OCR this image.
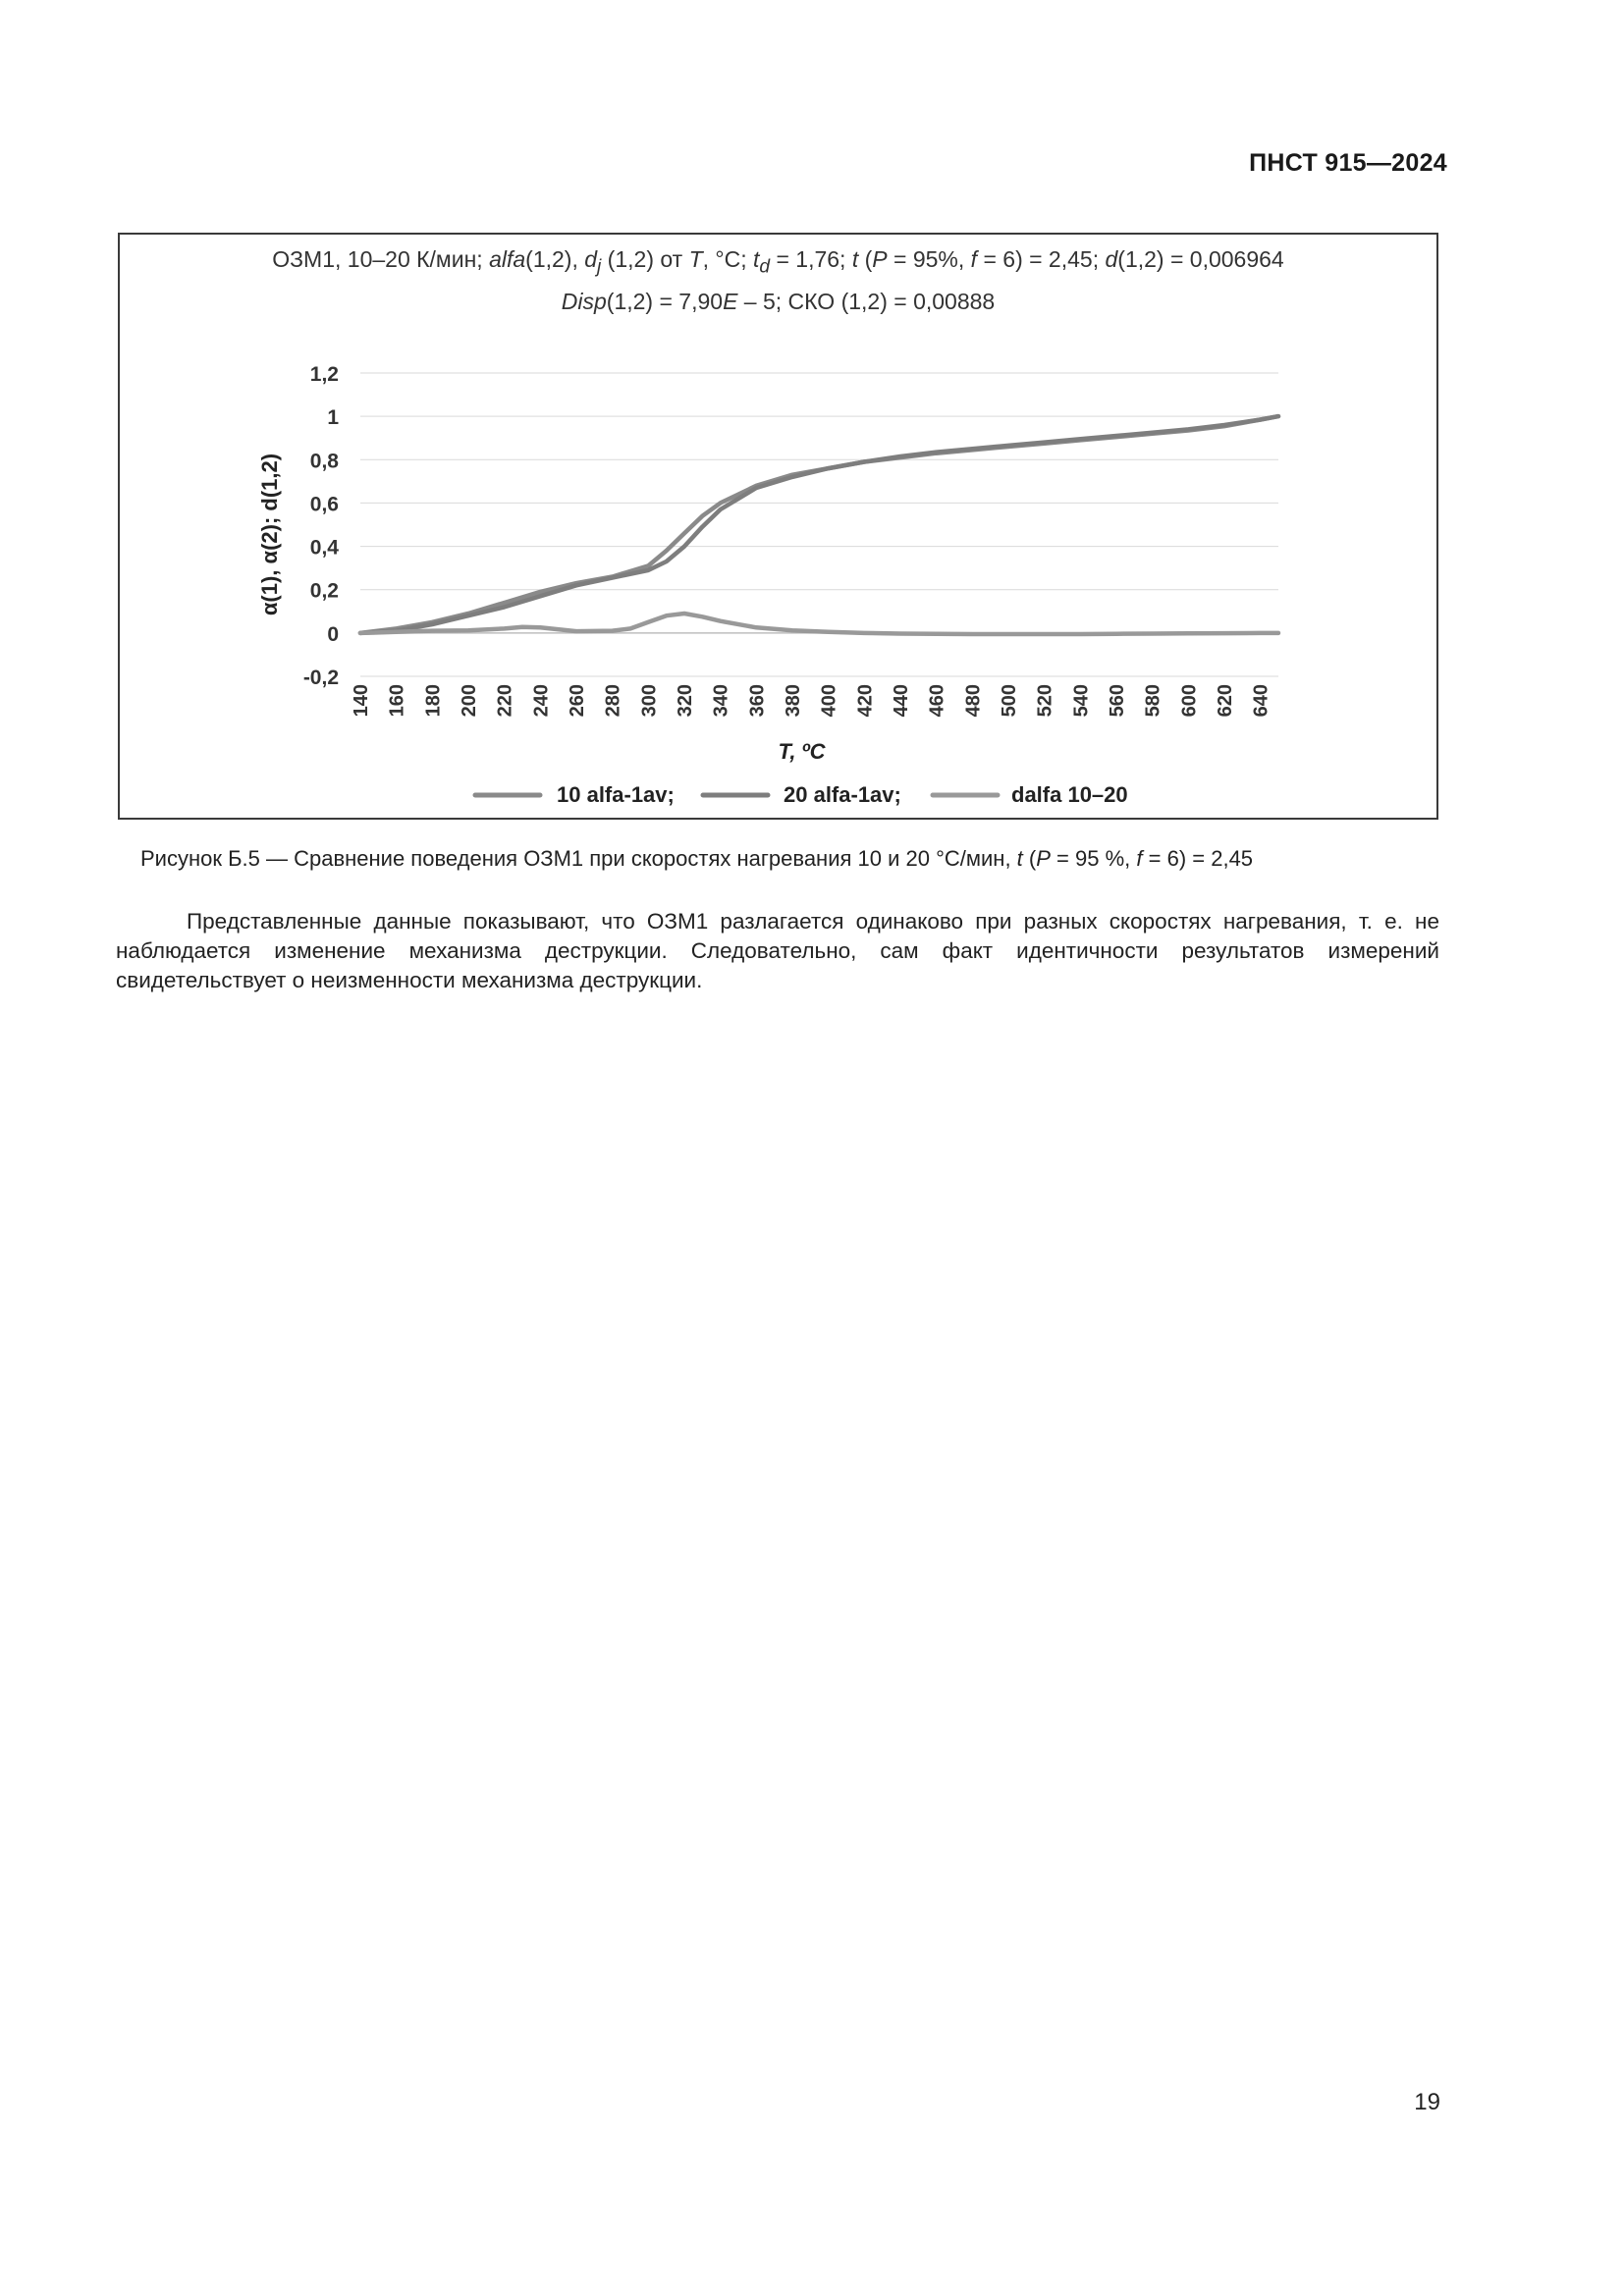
ПНСТ 915—2024
ОЗМ1, 10–20 К/мин; alfa(1,2), $d_j$ (1,2) от T, °С; $t_d = 1,76$; t (P = 95%, f = 6) = 2,45; d(1,2) = 0,006964
Disp(1,2) = 7,90E – 5; СКО (1,2) = 0,00888
-0,2
0
0,2
0,4
0,6
0,8
1
1,2
140 160 180 200 220 240 260 280 300 320 340 360 380 400 420 440 460 480 500 520 540 560 580 600 620 640
T, ºC
α(1), α(2); d(1,2)
10 alfa-1av;	20 alfa-1av;	dalfa 10–20
Рисунок Б.5 — Сравнение поведения ОЗМ1 при скоростях нагревания 10 и 20 °С/мин, t (P = 95 %, f = 6) = 2,45

Представленные данные показывают, что ОЗМ1 разлагается одинаково при разных скоростях нагревания, т. е. не наблюдается изменение механизма деструкции. Следовательно, сам факт идентичности результатов измерений свидетельствует о неизменности механизма деструкции.

19
